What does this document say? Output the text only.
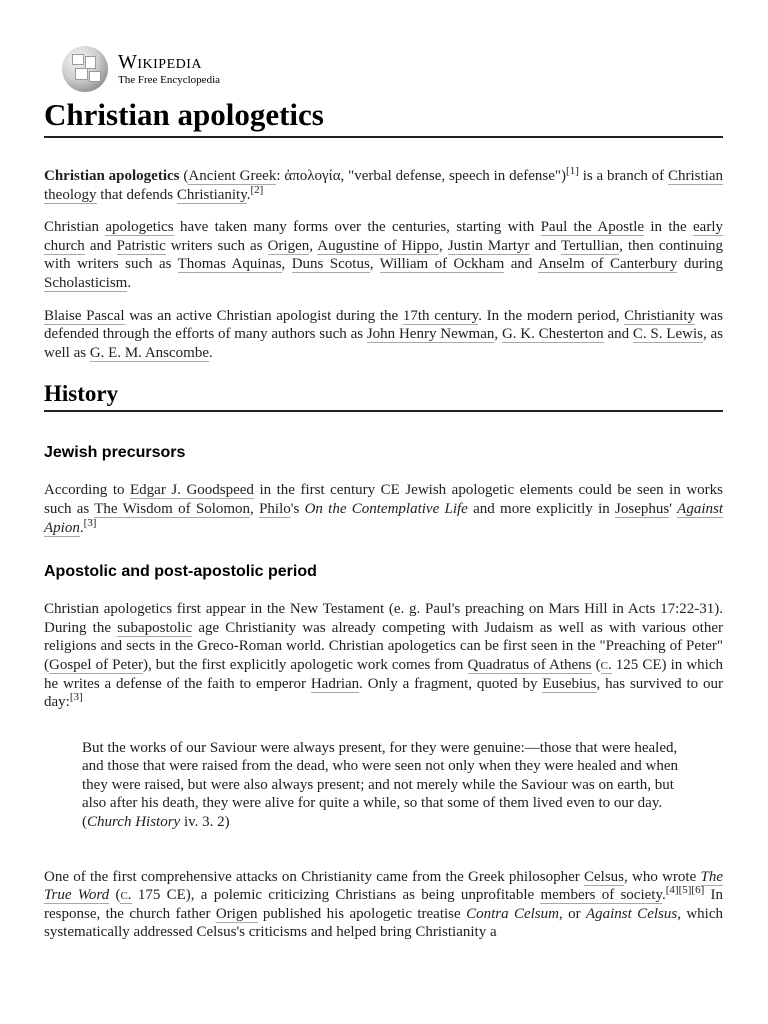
Wikipedia
The Free Encyclopedia
Christian apologetics

Christian apologetics (Ancient Greek: ἀπολογία, "verbal defense, speech in defense")[1] is a branch of Christian theology that defends Christianity.[2]

Christian apologetics have taken many forms over the centuries, starting with Paul the Apostle in the early church and Patristic writers such as Origen, Augustine of Hippo, Justin Martyr and Tertullian, then continuing with writers such as Thomas Aquinas, Duns Scotus, William of Ockham and Anselm of Canterbury during Scholasticism.

Blaise Pascal was an active Christian apologist during the 17th century. In the modern period, Christianity was defended through the efforts of many authors such as John Henry Newman, G. K. Chesterton and C. S. Lewis, as well as G. E. M. Anscombe.

History
Jewish precursors

According to Edgar J. Goodspeed in the first century CE Jewish apologetic elements could be seen in works such as The Wisdom of Solomon, Philo's On the Contemplative Life and more explicitly in Josephus' Against Apion.[3]

Apostolic and post-apostolic period

Christian apologetics first appear in the New Testament (e. g. Paul's preaching on Mars Hill in Acts 17:22-31). During the subapostolic age Christianity was already competing with Judaism as well as with various other religions and sects in the Greco-Roman world. Christian apologetics can be first seen in the "Preaching of Peter" (Gospel of Peter), but the first explicitly apologetic work comes from Quadratus of Athens (c. 125 CE) in which he writes a defense of the faith to emperor Hadrian. Only a fragment, quoted by Eusebius, has survived to our day:[3]

But the works of our Saviour were always present, for they were genuine:—those that were healed, and those that were raised from the dead, who were seen not only when they were healed and when they were raised, but were also always present; and not merely while the Saviour was on earth, but also after his death, they were alive for quite a while, so that some of them lived even to our day. (Church History iv. 3. 2)

One of the first comprehensive attacks on Christianity came from the Greek philosopher Celsus, who wrote The True Word (c. 175 CE), a polemic criticizing Christians as being unprofitable members of society.[4][5][6] In response, the church father Origen published his apologetic treatise Contra Celsum, or Against Celsus, which systematically addressed Celsus's criticisms and helped bring Christianity a
